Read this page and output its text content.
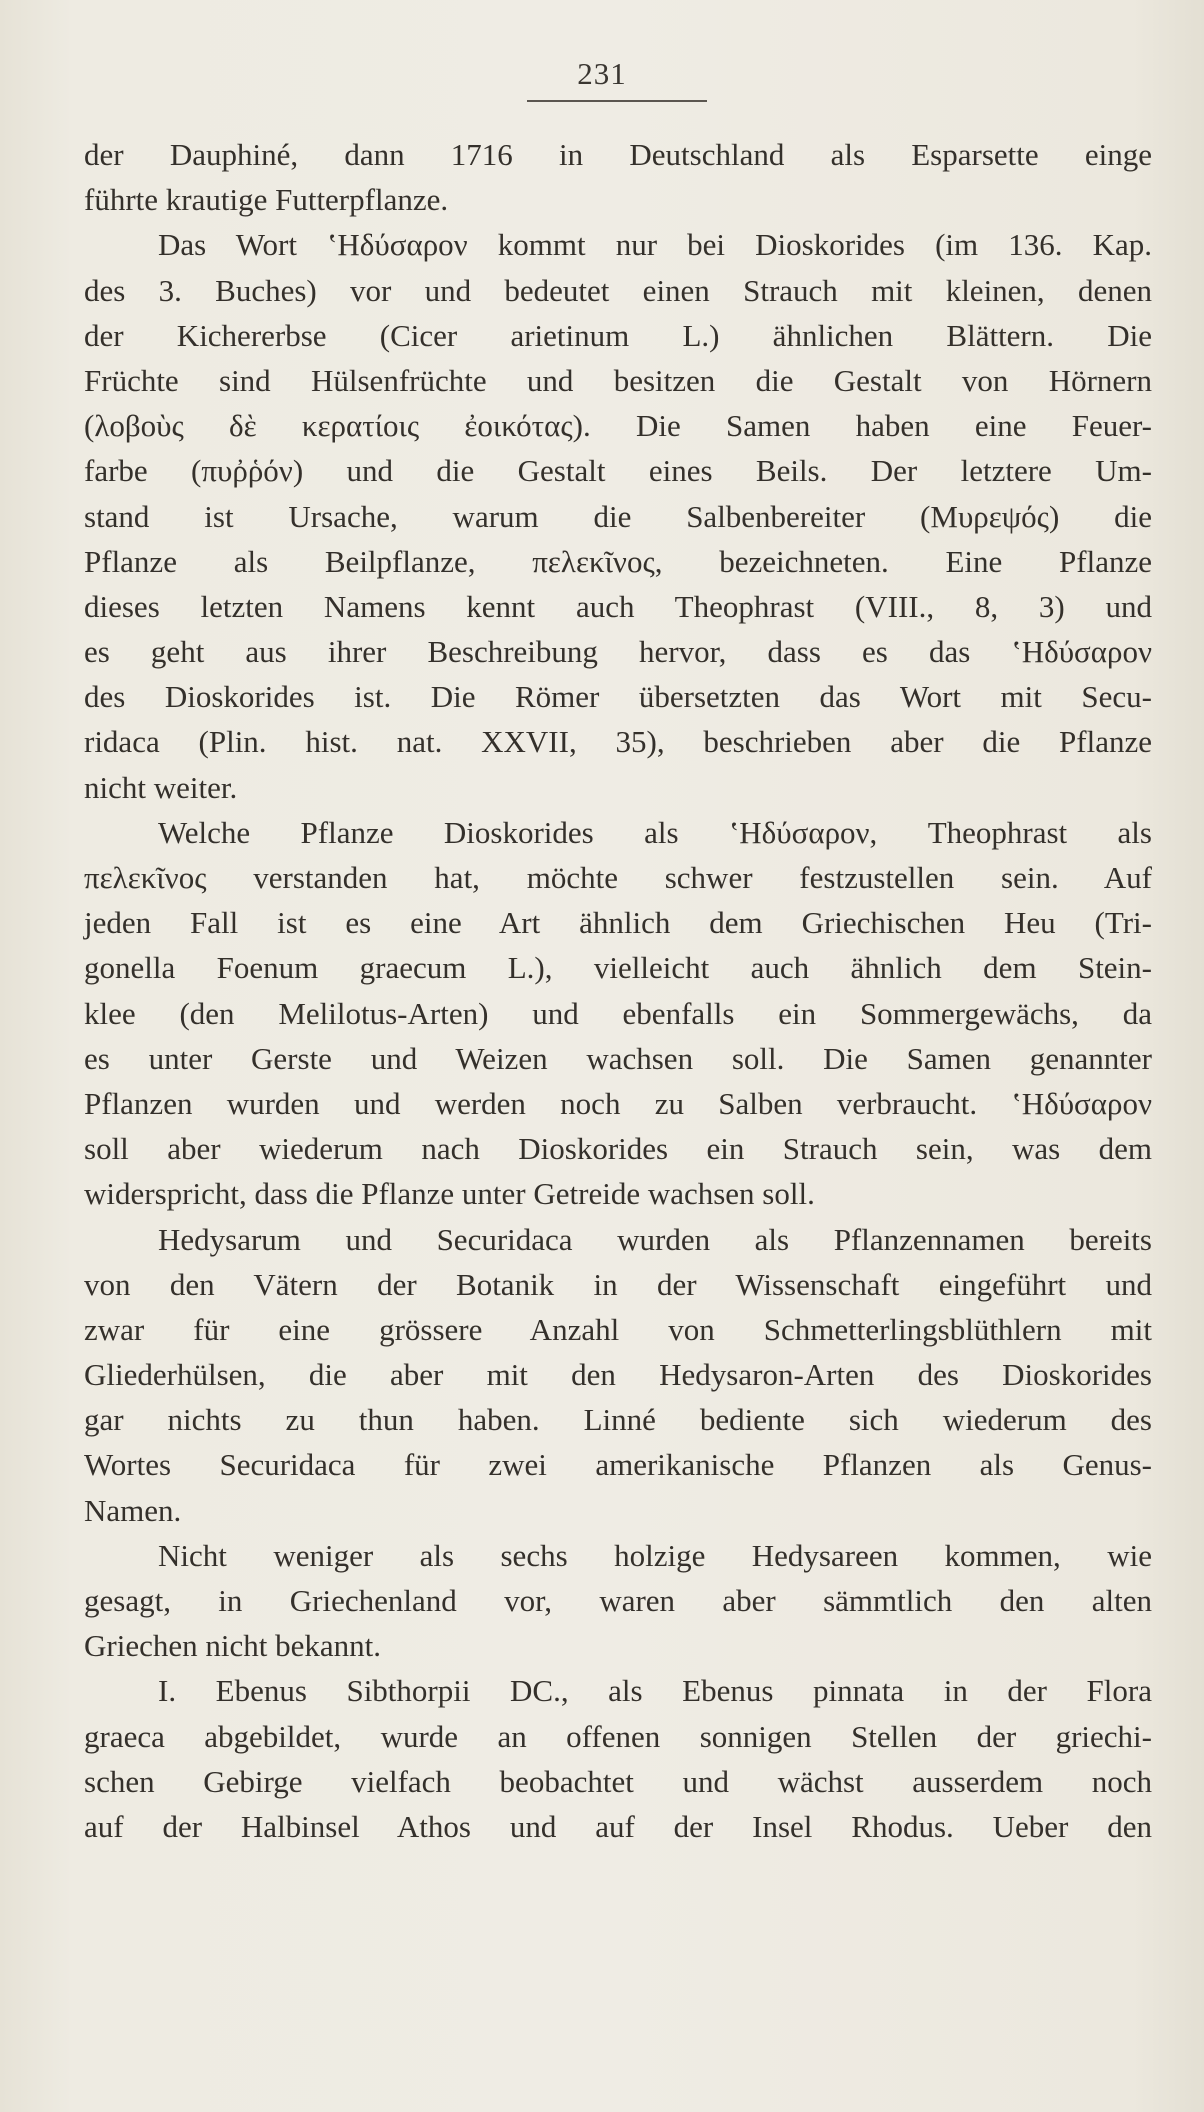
231
der Dauphiné, dann 1716 in Deutschland als Esparsette einge
führte krautige Futterpflanze.
Das Wort ʽΗδύσαρον kommt nur bei Dioskorides (im 136. Kap.
des 3. Buches) vor und bedeutet einen Strauch mit kleinen, denen
der Kichererbse (Cicer arietinum L.) ähnlichen Blättern. Die
Früchte sind Hülsenfrüchte und besitzen die Gestalt von Hörnern
(λοβοὺς δὲ κερατίοις ἐοικότας). Die Samen haben eine Feuer-
farbe (πυῤῥόν) und die Gestalt eines Beils. Der letztere Um-
stand ist Ursache, warum die Salbenbereiter (Μυρεψός) die
Pflanze als Beilpflanze, πελεκῖνος, bezeichneten. Eine Pflanze
dieses letzten Namens kennt auch Theophrast (VIII., 8, 3) und
es geht aus ihrer Beschreibung hervor, dass es das ʽΗδύσαρον
des Dioskorides ist. Die Römer übersetzten das Wort mit Secu-
ridaca (Plin. hist. nat. XXVII, 35), beschrieben aber die Pflanze
nicht weiter.
Welche Pflanze Dioskorides als ʽΗδύσαρον, Theophrast als
πελεκῖνος verstanden hat, möchte schwer festzustellen sein. Auf
jeden Fall ist es eine Art ähnlich dem Griechischen Heu (Tri-
gonella Foenum graecum L.), vielleicht auch ähnlich dem Stein-
klee (den Melilotus-Arten) und ebenfalls ein Sommergewächs, da
es unter Gerste und Weizen wachsen soll. Die Samen genannter
Pflanzen wurden und werden noch zu Salben verbraucht. ʽΗδύσαρον
soll aber wiederum nach Dioskorides ein Strauch sein, was dem
widerspricht, dass die Pflanze unter Getreide wachsen soll.
Hedysarum und Securidaca wurden als Pflanzennamen bereits
von den Vätern der Botanik in der Wissenschaft eingeführt und
zwar für eine grössere Anzahl von Schmetterlingsblüthlern mit
Gliederhülsen, die aber mit den Hedysaron-Arten des Dioskorides
gar nichts zu thun haben. Linné bediente sich wiederum des
Wortes Securidaca für zwei amerikanische Pflanzen als Genus-
Namen.
Nicht weniger als sechs holzige Hedysareen kommen, wie
gesagt, in Griechenland vor, waren aber sämmtlich den alten
Griechen nicht bekannt.
I. Ebenus Sibthorpii DC., als Ebenus pinnata in der Flora
graeca abgebildet, wurde an offenen sonnigen Stellen der griechi-
schen Gebirge vielfach beobachtet und wächst ausserdem noch
auf der Halbinsel Athos und auf der Insel Rhodus. Ueber den
